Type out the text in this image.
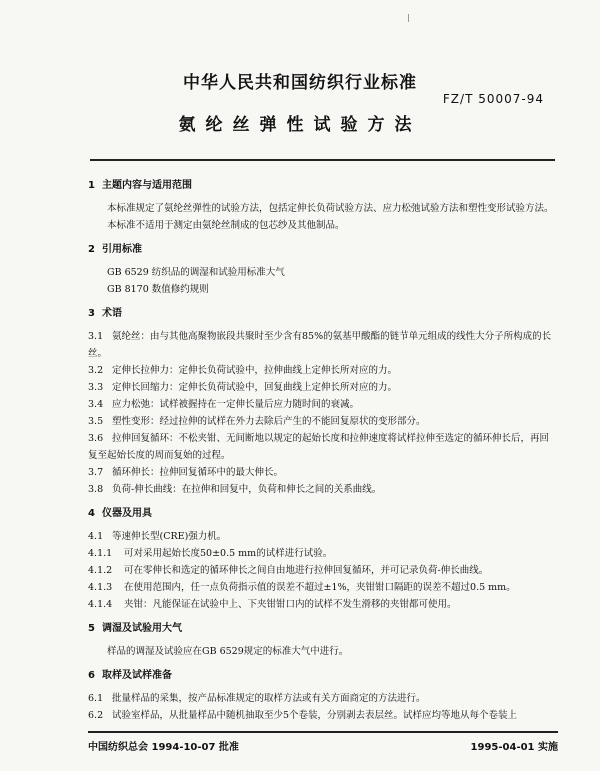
中华人民共和国纺织行业标准
FZ/T 50007-94
氨纶丝弹性试验方法
1 主题内容与适用范围

本标准规定了氨纶丝弹性的试验方法，包括定伸长负荷试验方法、应力松弛试验方法和塑性变形试验方法。

本标准不适用于测定由氨纶丝制成的包芯纱及其他制品。

2 引用标准
GB 6529 纺织品的调湿和试验用标准大气
GB 8170 数值修约规则
3 术语

3.1 氨纶丝：由与其他高聚物嵌段共聚时至少含有85%的氨基甲酸酯的链节单元组成的线性大分子所构成的长丝。

3.2 定伸长拉伸力：定伸长负荷试验中，拉伸曲线上定伸长所对应的力。

3.3 定伸长回缩力：定伸长负荷试验中，回复曲线上定伸长所对应的力。

3.4 应力松弛：试样被握持在一定伸长量后应力随时间的衰减。

3.5 塑性变形：经过拉伸的试样在外力去除后产生的不能回复原状的变形部分。

3.6 拉伸回复循环：不松夹钳、无间断地以规定的起始长度和拉伸速度将试样拉伸至选定的循环伸长后，再回复至起始长度的周而复始的过程。

3.7 循环伸长：拉伸回复循环中的最大伸长。

3.8 负荷-伸长曲线：在拉伸和回复中，负荷和伸长之间的关系曲线。

4 仪器及用具

4.1 等速伸长型(CRE)强力机。

4.1.1 可对采用起始长度50±0.5 mm的试样进行试验。

4.1.2 可在零伸长和选定的循环伸长之间自由地进行拉伸回复循环，并可记录负荷-伸长曲线。

4.1.3 在使用范围内，任一点负荷指示值的误差不超过±1%，夹钳钳口隔距的误差不超过0.5 mm。

4.1.4 夹钳：凡能保证在试验中上、下夹钳钳口内的试样不发生滑移的夹钳都可使用。

5 调湿及试验用大气

样品的调湿及试验应在GB 6529规定的标准大气中进行。

6 取样及试样准备

6.1 批量样品的采集，按产品标准规定的取样方法或有关方面商定的方法进行。

6.2 试验室样品，从批量样品中随机抽取至少5个卷装，分别剥去表层丝。试样应均等地从每个卷装上

中国纺织总会 1994-10-07 批准	1995-04-01 实施
